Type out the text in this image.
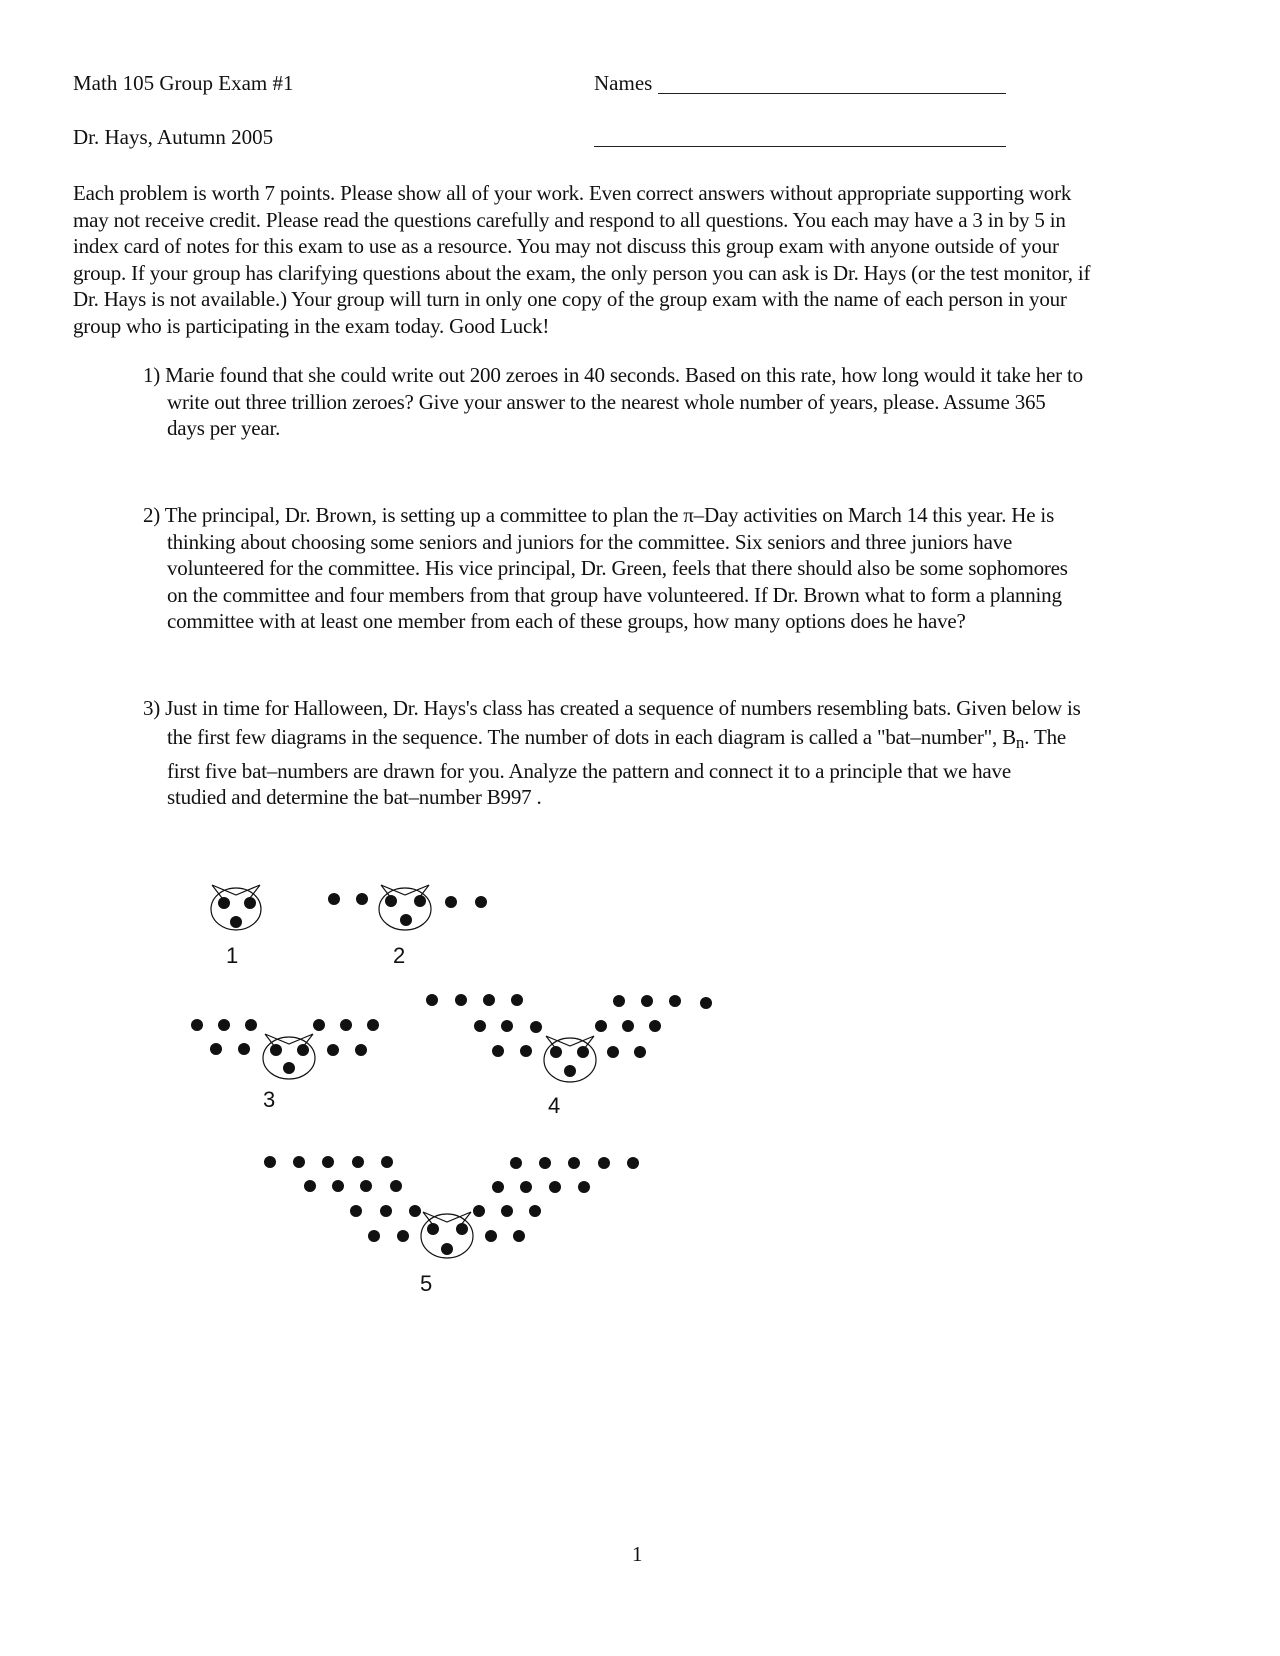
Math 105 Group Exam #1	Names
Dr. Hays, Autumn 2005
Each problem is worth 7 points. Please show all of your work. Even correct answers without appropriate supporting work
may not receive credit. Please read the questions carefully and respond to all questions. You each may have a 3 in by 5 in
index card of notes for this exam to use as a resource. You may not discuss this group exam with anyone outside of your
group. If your group has clarifying questions about the exam, the only person you can ask is Dr. Hays (or the test monitor, if
Dr. Hays is not available.) Your group will turn in only one copy of the group exam with the name of each person in your
group who is participating in the exam today. Good Luck!
1) Marie found that she could write out 200 zeroes in 40 seconds. Based on this rate, how long would it take her to
write out three trillion zeroes? Give your answer to the nearest whole number of years, please. Assume 365
days per year.
2) The principal, Dr. Brown, is setting up a committee to plan the π–Day activities on March 14 this year. He is
thinking about choosing some seniors and juniors for the committee. Six seniors and three juniors have
volunteered for the committee. His vice principal, Dr. Green, feels that there should also be some sophomores
on the committee and four members from that group have volunteered. If Dr. Brown what to form a planning
committee with at least one member from each of these groups, how many options does he have?
3) Just in time for Halloween, Dr. Hays's class has created a sequence of numbers resembling bats. Given below is
the first few diagrams in the sequence. The number of dots in each diagram is called a "bat–number", $B_n$. The
first five bat–numbers are drawn for you. Analyze the pattern and connect it to a principle that we have
studied and determine the bat–number B997 .
1	2
3	4
5
1
